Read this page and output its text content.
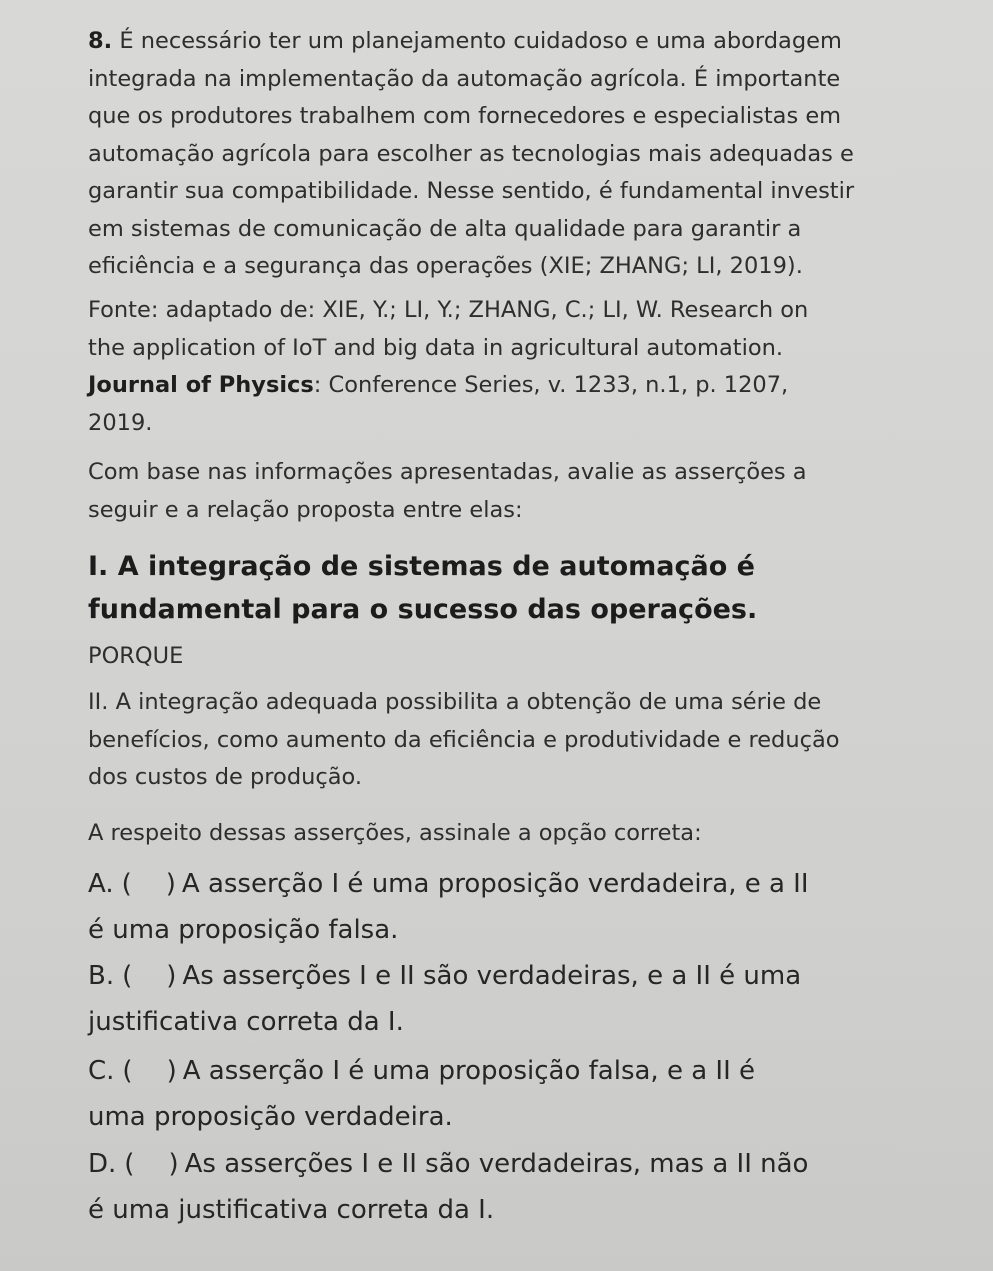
8. É necessário ter um planejamento cuidadoso e uma abordagem
integrada na implementação da automação agrícola. É importante
que os produtores trabalhem com fornecedores e especialistas em
automação agrícola para escolher as tecnologias mais adequadas e
garantir sua compatibilidade. Nesse sentido, é fundamental investir
em sistemas de comunicação de alta qualidade para garantir a
eficiência e a segurança das operações (XIE; ZHANG; LI, 2019).
Fonte: adaptado de: XIE, Y.; LI, Y.; ZHANG, C.; LI, W. Research on
the application of IoT and big data in agricultural automation.
Journal of Physics: Conference Series, v. 1233, n.1, p. 1207,
2019.
Com base nas informações apresentadas, avalie as asserções a
seguir e a relação proposta entre elas:
I. A integração de sistemas de automação é
fundamental para o sucesso das operações.
PORQUE
II. A integração adequada possibilita a obtenção de uma série de
benefícios, como aumento da eficiência e produtividade e redução
dos custos de produção.
A respeito dessas asserções, assinale a opção correta:
A. ( ) A asserção I é uma proposição verdadeira, e a II
é uma proposição falsa.
B. ( ) As asserções I e II são verdadeiras, e a II é uma
justificativa correta da I.
C. ( ) A asserção I é uma proposição falsa, e a II é
uma proposição verdadeira.
D. ( ) As asserções I e II são verdadeiras, mas a II não
é uma justificativa correta da I.
